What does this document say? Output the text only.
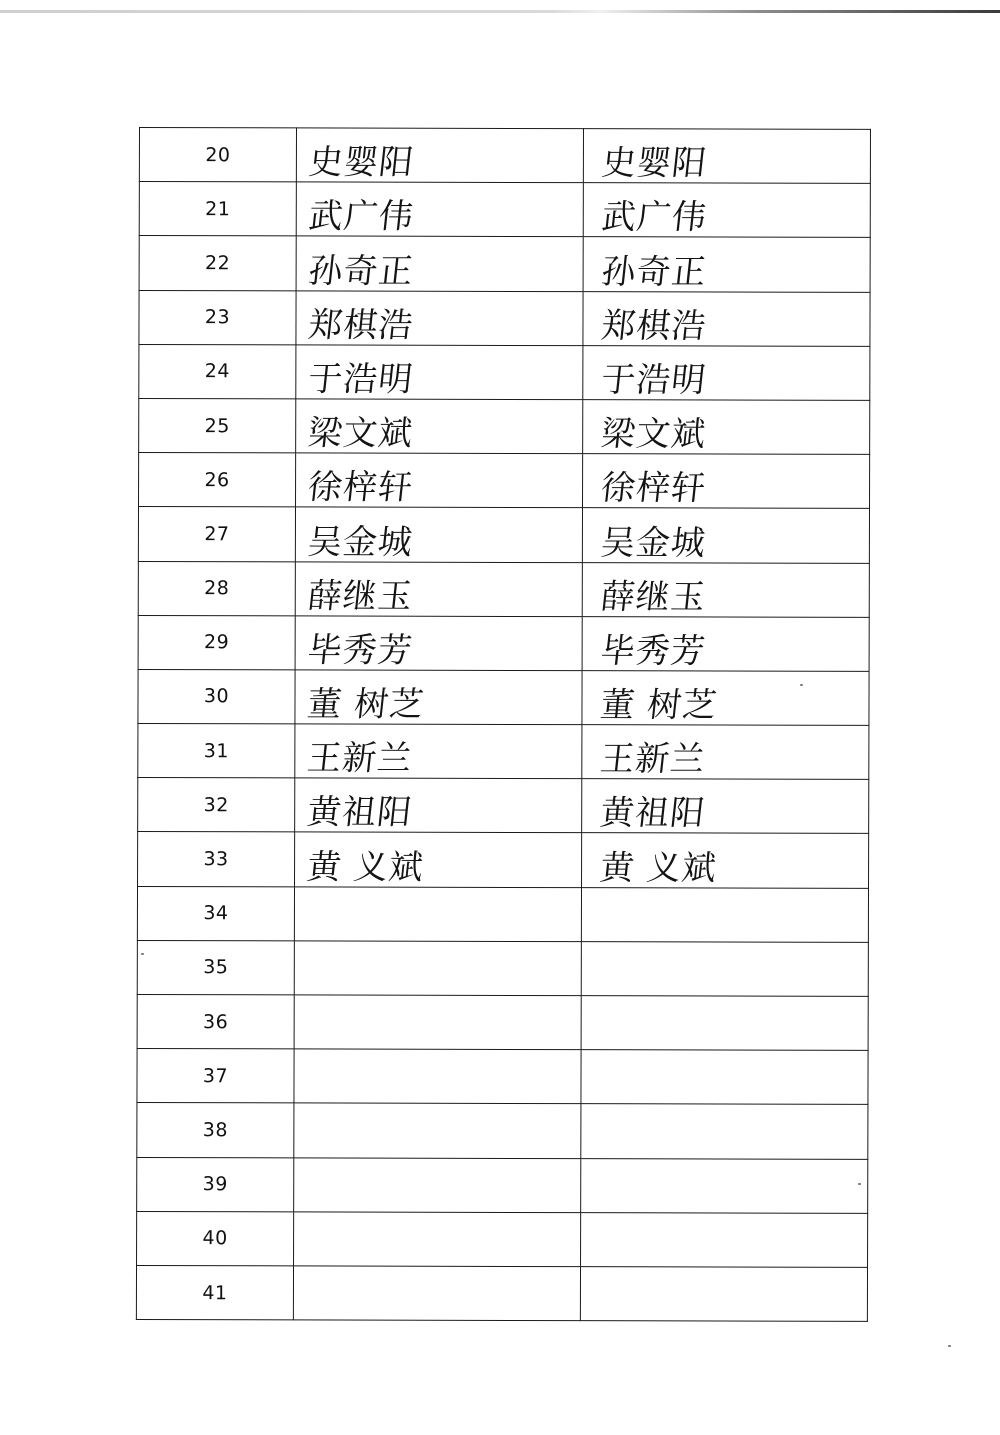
20	史婴阳	史婴阳

21	武广伟	武广伟

22	孙奇正	孙奇正

23	郑棋浩	郑棋浩

24	于浩明	于浩明

25	梁文斌	梁文斌

26	徐梓轩	徐梓轩

27	吴金城	吴金城

28	薛继玉	薛继玉

29	毕秀芳	毕秀芳

30	董 树芝	董 树芝

31	王新兰	王新兰

32	黄祖阳	黄祖阳

33	黄 义斌	黄 义斌

34	

35	

36	

37	

38	

39	

40	

41	
